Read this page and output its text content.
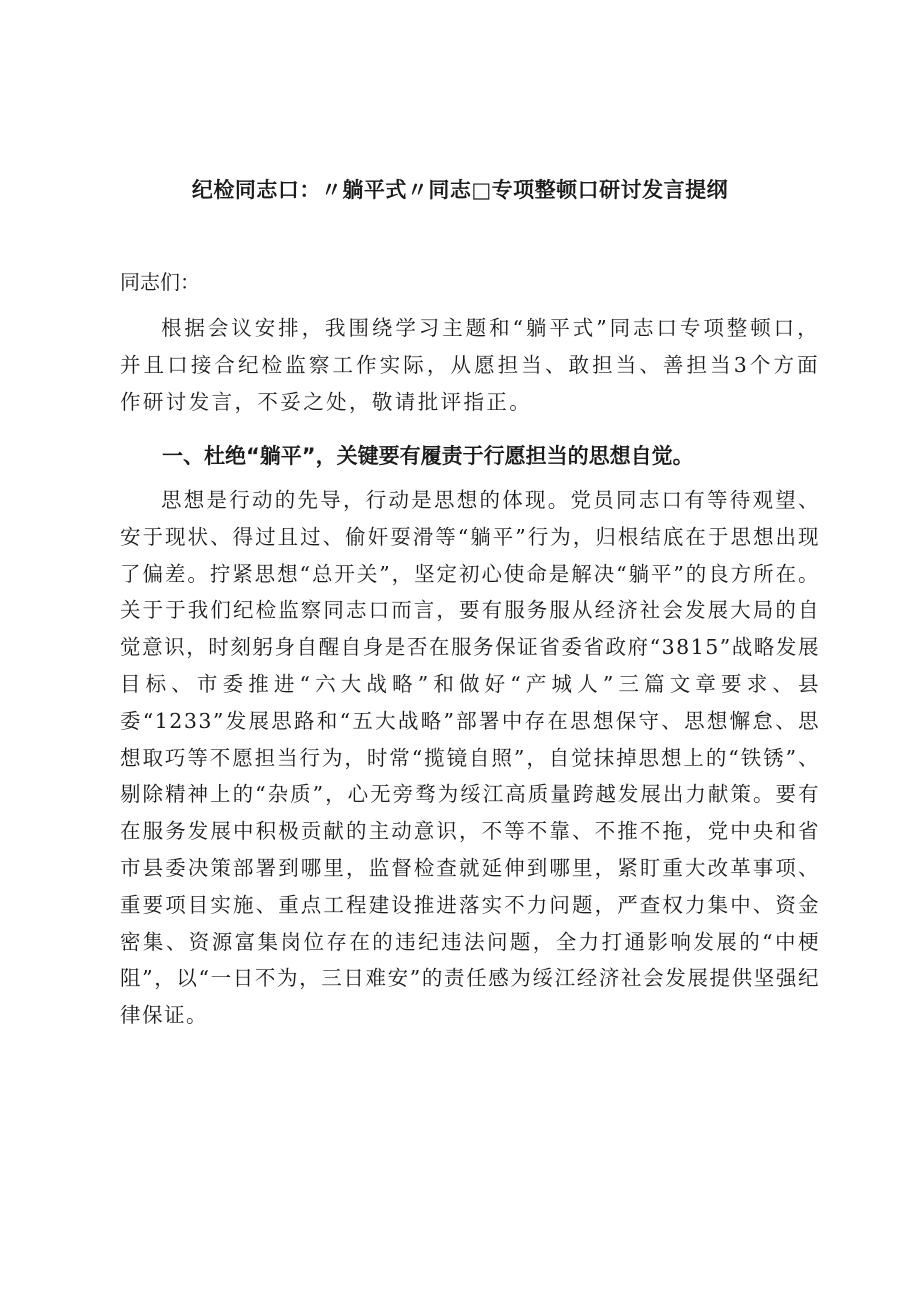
纪检同志口：〃躺平式〃同志□专项整顿口研讨发言提纲

同志们：

根据会议安排，我围绕学习主题和“躺平式”同志口专项整顿口，并且口接合纪检监察工作实际，从愿担当、敢担当、善担当3个方面作研讨发言，不妥之处，敬请批评指正。

一、杜绝“躺平”，关键要有履责于行愿担当的思想自觉。

思想是行动的先导，行动是思想的体现。党员同志口有等待观望、安于现状、得过且过、偷奸耍滑等“躺平”行为，归根结底在于思想出现了偏差。拧紧思想“总开关”，坚定初心使命是解决“躺平”的良方所在。关于于我们纪检监察同志口而言，要有服务服从经济社会发展大局的自觉意识，时刻躬身自醒自身是否在服务保证省委省政府“3815”战略发展目标、市委推进“六大战略”和做好“产城人”三篇文章要求、县委“1233”发展思路和“五大战略”部署中存在思想保守、思想懈怠、思想取巧等不愿担当行为，时常“揽镜自照”，自觉抹掉思想上的“铁锈”、剔除精神上的“杂质”，心无旁骛为绥江高质量跨越发展出力献策。要有在服务发展中积极贡献的主动意识，不等不靠、不推不拖，党中央和省市县委决策部署到哪里，监督检查就延伸到哪里，紧盯重大改革事项、重要项目实施、重点工程建设推进落实不力问题，严查权力集中、资金密集、资源富集岗位存在的违纪违法问题，全力打通影响发展的“中梗阻”，以“一日不为，三日难安”的责任感为绥江经济社会发展提供坚强纪律保证。
